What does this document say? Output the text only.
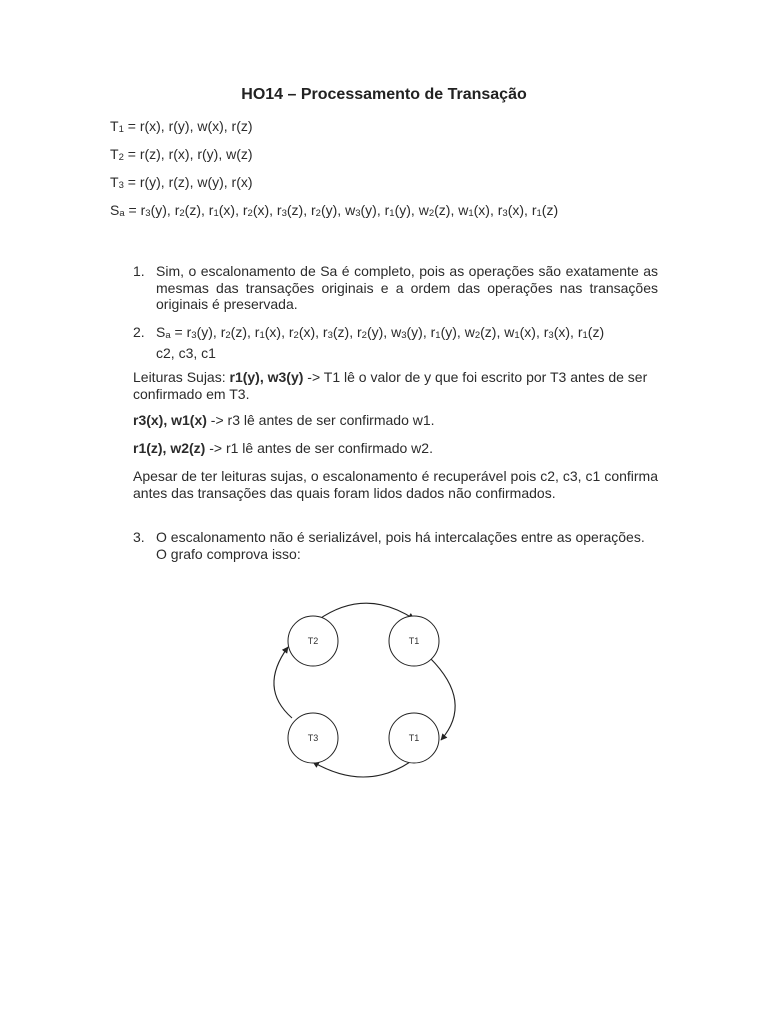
HO14 – Processamento de Transação

T1 = r(x), r(y), w(x), r(z)

T2 = r(z), r(x), r(y), w(z)

T3 = r(y), r(z), w(y), r(x)

Sa = r3(y), r2(z), r1(x), r2(x), r3(z), r2(y), w3(y), r1(y), w2(z), w1(x), r3(x), r1(z)

1. Sim, o escalonamento de Sa é completo, pois as operações são exatamente as mesmas das transações originais e a ordem das operações nas transações originais é preservada.
2. Sa = r3(y), r2(z), r1(x), r2(x), r3(z), r2(y), w3(y), r1(y), w2(z), w1(x), r3(x), r1(z)
c2, c3, c1

Leituras Sujas: r1(y), w3(y) -> T1 lê o valor de y que foi escrito por T3 antes de ser confirmado em T3.

r3(x), w1(x) -> r3 lê antes de ser confirmado w1.

r1(z), w2(z) -> r1 lê antes de ser confirmado w2.

Apesar de ter leituras sujas, o escalonamento é recuperável pois c2, c3, c1 confirma antes das transações das quais foram lidos dados não confirmados.

3. O escalonamento não é serializável, pois há intercalações entre as operações. O grafo comprova isso:
T2	T1
T3	T1
